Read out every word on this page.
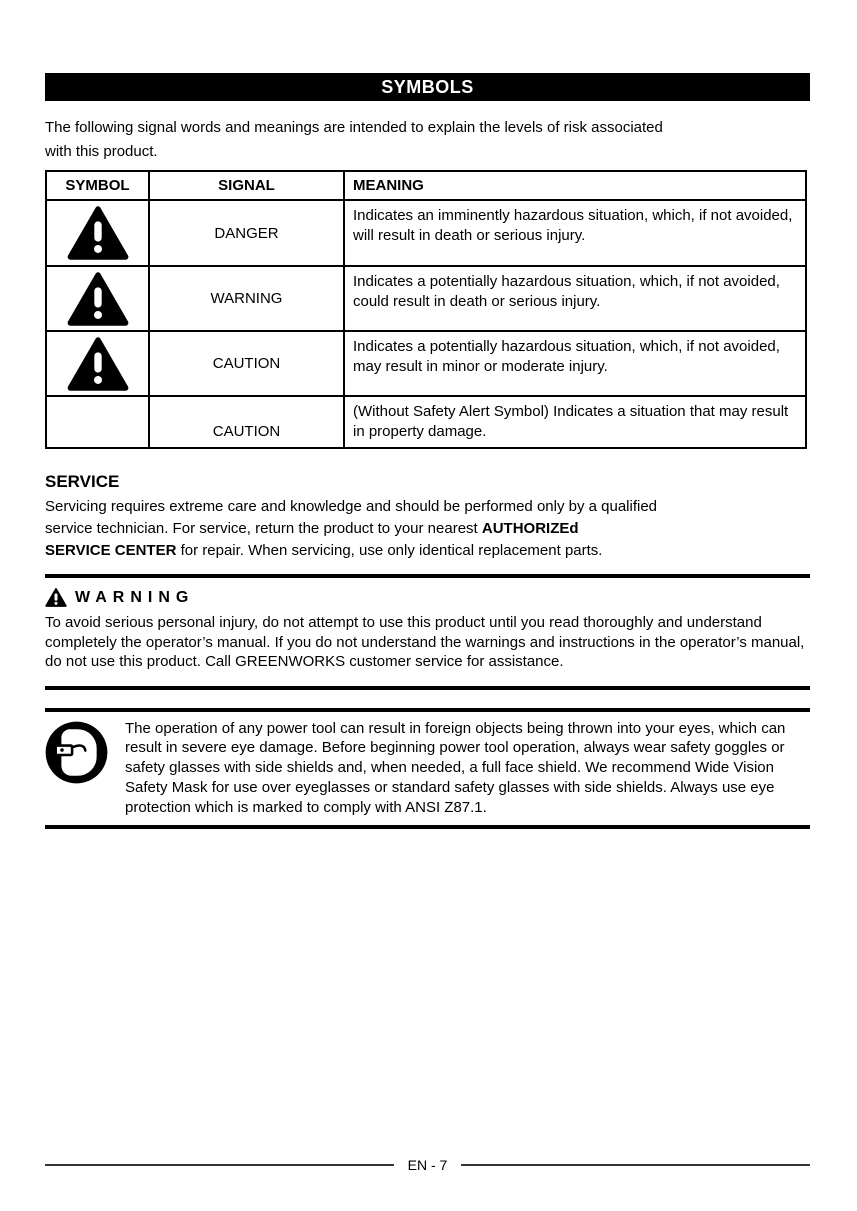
SYMBOLS
The following signal words and meanings are intended to explain the levels of risk associated
with this product.
SYMBOL	SIGNAL	MEANING
	DANGER	Indicates an imminently hazardous situation, which, if not avoided, will result in death or serious injury.
	WARNING	Indicates a potentially hazardous situation, which, if not avoided, could result in death or serious injury.
	CAUTION	Indicates a potentially hazardous situation, which, if not avoided, may result in minor or moderate injury.
	CAUTION	(Without Safety Alert Symbol) Indicates a situation that may result in property damage.
SERVICE
Servicing requires extreme care and knowledge and should be performed only by a qualified
service technician. For service, return the product to your nearest AUTHORIZEd
SERVICE CENTER for repair. When servicing, use only identical replacement parts.
WARNING
To avoid serious personal injury, do not attempt to use this product until you read thoroughly and understand completely the operator’s manual. If you do not understand the warnings and instructions in the operator’s manual, do not use this product. Call GREENWORKS customer service for assistance.
The operation of any power tool can result in foreign objects being thrown into your eyes, which can result in severe eye damage. Before beginning power tool operation, always wear safety goggles or safety glasses with side shields and, when needed, a full face shield. We recommend Wide Vision Safety Mask for use over eyeglasses or standard safety glasses with side shields. Always use eye protection which is marked to comply with ANSI Z87.1.
EN - 7
